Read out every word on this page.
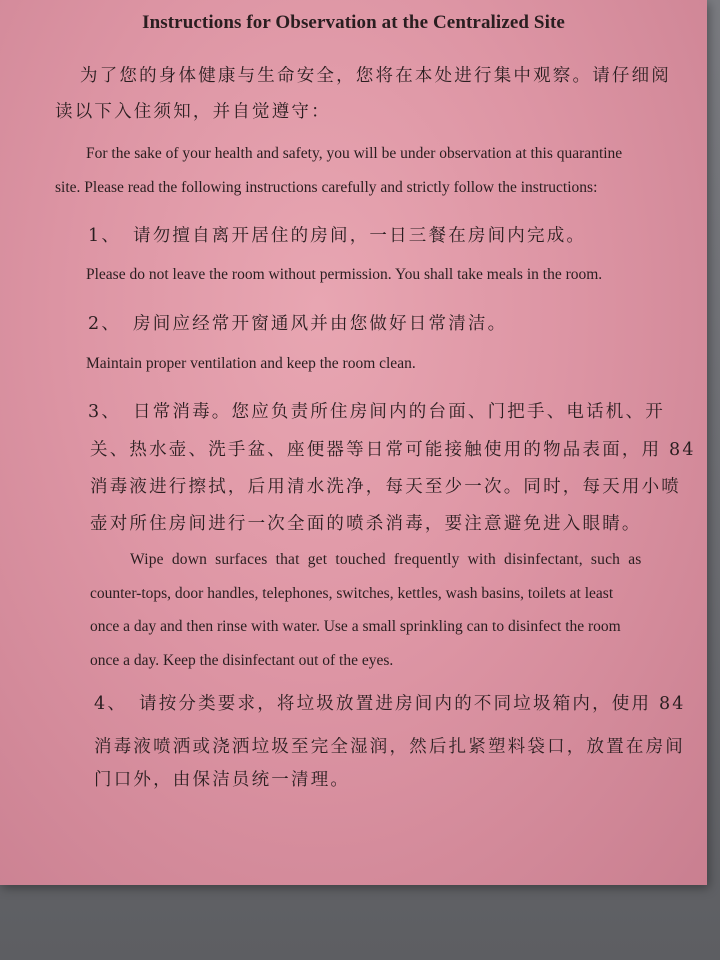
Instructions for Observation at the Centralized Site
为了您的身体健康与生命安全，您将在本处进行集中观察。请仔细阅
读以下入住须知，并自觉遵守：
For the sake of your health and safety, you will be under observation at this quarantine
site. Please read the following instructions carefully and strictly follow the instructions:
1、 请勿擅自离开居住的房间，一日三餐在房间内完成。
Please do not leave the room without permission. You shall take meals in the room.
2、 房间应经常开窗通风并由您做好日常清洁。
Maintain proper ventilation and keep the room clean.
3、 日常消毒。您应负责所住房间内的台面、门把手、电话机、开
关、热水壶、洗手盆、座便器等日常可能接触使用的物品表面，用 84
消毒液进行擦拭，后用清水洗净，每天至少一次。同时，每天用小喷
壶对所住房间进行一次全面的喷杀消毒，要注意避免进入眼睛。
Wipe down surfaces that get touched frequently with disinfectant, such as
counter-tops, door handles, telephones, switches, kettles, wash basins, toilets at least
once a day and then rinse with water. Use a small sprinkling can to disinfect the room
once a day. Keep the disinfectant out of the eyes.
4、 请按分类要求，将垃圾放置进房间内的不同垃圾箱内，使用 84
消毒液喷洒或浇洒垃圾至完全湿润，然后扎紧塑料袋口，放置在房间
门口外，由保洁员统一清理。
